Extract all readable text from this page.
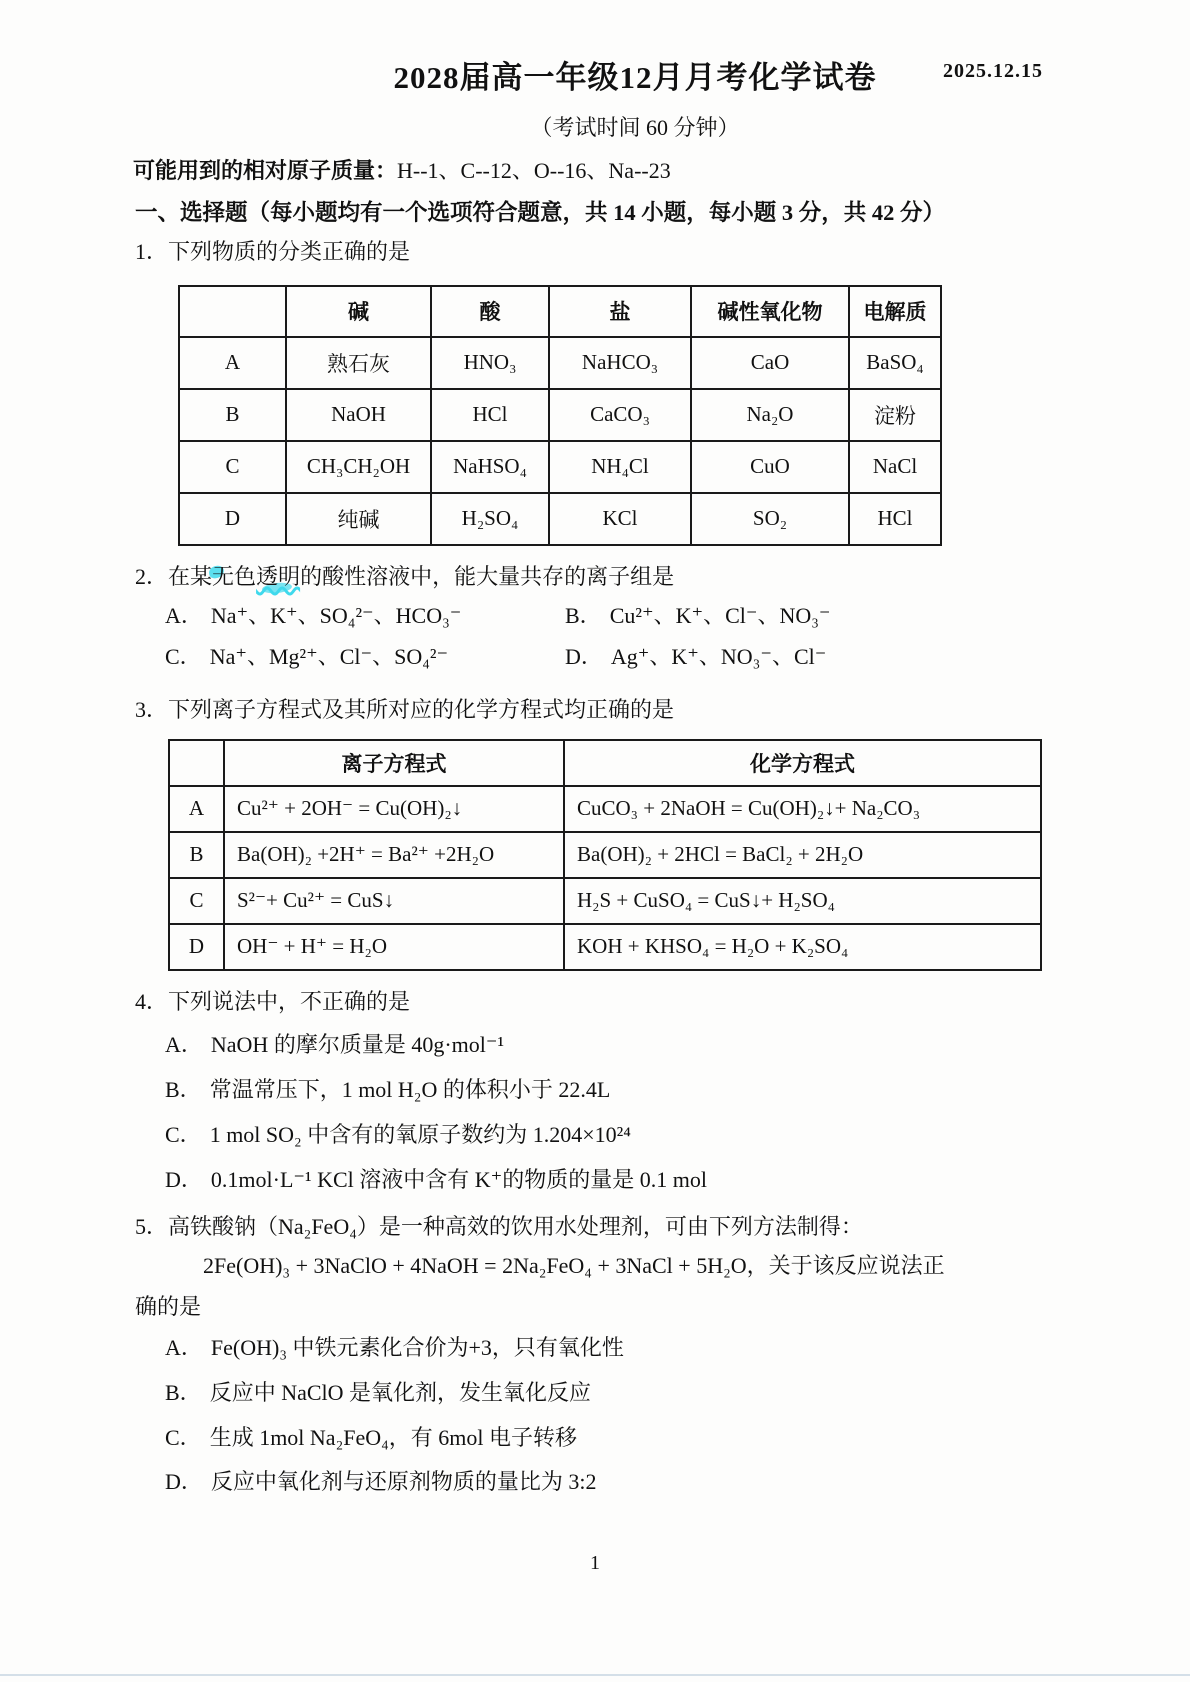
2028届高一年级12月月考化学试卷	2025.12.15
（考试时间 60 分钟）
可能用到的相对原子质量：H--1、C--12、O--16、Na--23
一、选择题（每小题均有一个选项符合题意，共 14 小题，每小题 3 分，共 42 分）
1．下列物质的分类正确的是
	碱	酸	盐	碱性氧化物	电解质
A	熟石灰	HNO₃	NaHCO₃	CaO	BaSO₄
B	NaOH	HCl	CaCO₃	Na₂O	淀粉
C	CH₃CH₂OH	NaHSO₄	NH₄Cl	CuO	NaCl
D	纯碱	H₂SO₄	KCl	SO₂	HCl
2．在某无色透明的酸性溶液中，能大量共存的离子组是
A． Na⁺、K⁺、SO₄²⁻、HCO₃⁻	B． Cu²⁺、K⁺、Cl⁻、NO₃⁻
C． Na⁺、Mg²⁺、Cl⁻、SO₄²⁻	D． Ag⁺、K⁺、NO₃⁻、Cl⁻
3．下列离子方程式及其所对应的化学方程式均正确的是
	离子方程式	化学方程式
A	Cu²⁺ + 2OH⁻ = Cu(OH)₂↓	CuCO₃ + 2NaOH = Cu(OH)₂↓+ Na₂CO₃
B	Ba(OH)₂ +2H⁺ = Ba²⁺ +2H₂O	Ba(OH)₂ + 2HCl = BaCl₂ + 2H₂O
C	S²⁻+ Cu²⁺ = CuS↓	H₂S + CuSO₄ = CuS↓+ H₂SO₄
D	OH⁻ + H⁺ = H₂O	KOH + KHSO₄ = H₂O + K₂SO₄
4．下列说法中，不正确的是
A． NaOH 的摩尔质量是 40g·mol⁻¹
B． 常温常压下，1 mol H₂O 的体积小于 22.4L
C． 1 mol SO₂ 中含有的氧原子数约为 1.204×10²⁴
D． 0.1mol·L⁻¹ KCl 溶液中含有 K⁺的物质的量是 0.1 mol
5．高铁酸钠（Na₂FeO₄）是一种高效的饮用水处理剂，可由下列方法制得：
2Fe(OH)₃ + 3NaClO + 4NaOH = 2Na₂FeO₄ + 3NaCl + 5H₂O，关于该反应说法正
确的是
A． Fe(OH)₃ 中铁元素化合价为+3，只有氧化性
B． 反应中 NaClO 是氧化剂，发生氧化反应
C． 生成 1mol Na₂FeO₄，有 6mol 电子转移
D． 反应中氧化剂与还原剂物质的量比为 3:2
1
